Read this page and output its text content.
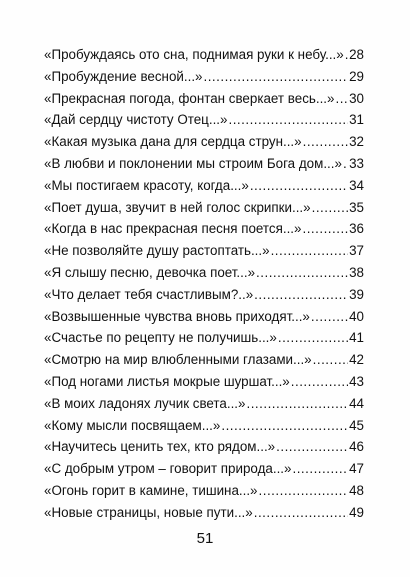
«Пробуждаясь ото сна, поднимая руки к небу...» ..... 28
«Пробуждение весной...» .....	29
«Прекрасная погода, фонтан сверкает весь...» ..... 30
«Дай сердцу чистоту Отец...» .....	31
«Какая музыка дана для сердца струн...» .....	32
«В любви и поклонении мы строим Бога дом...» ..... 33
«Мы постигаем красоту, когда...» .....	34
«Поет душа, звучит в ней голос скрипки...» .....	35
«Когда в нас прекрасная песня поется...» .....	36
«Не позволяйте душу растоптать...» .....	37
«Я слышу песню, девочка поет...» .....	38
«Что делает тебя счастливым?..» .....	39
«Возвышенные чувства вновь приходят...» .....	40
«Счастье по рецепту не получишь...» .....	41
«Смотрю на мир влюбленными глазами...» .....	42
«Под ногами листья мокрые шуршат...» .....	43
«В моих ладонях лучик света...» .....	44
«Кому мысли посвящаем...» .....	45
«Научитесь ценить тех, кто рядом...» .....	46
«С добрым утром – говорит природа...» .....	47
«Огонь горит в камине, тишина...» .....	48
«Новые страницы, новые пути...» .....	49
51
